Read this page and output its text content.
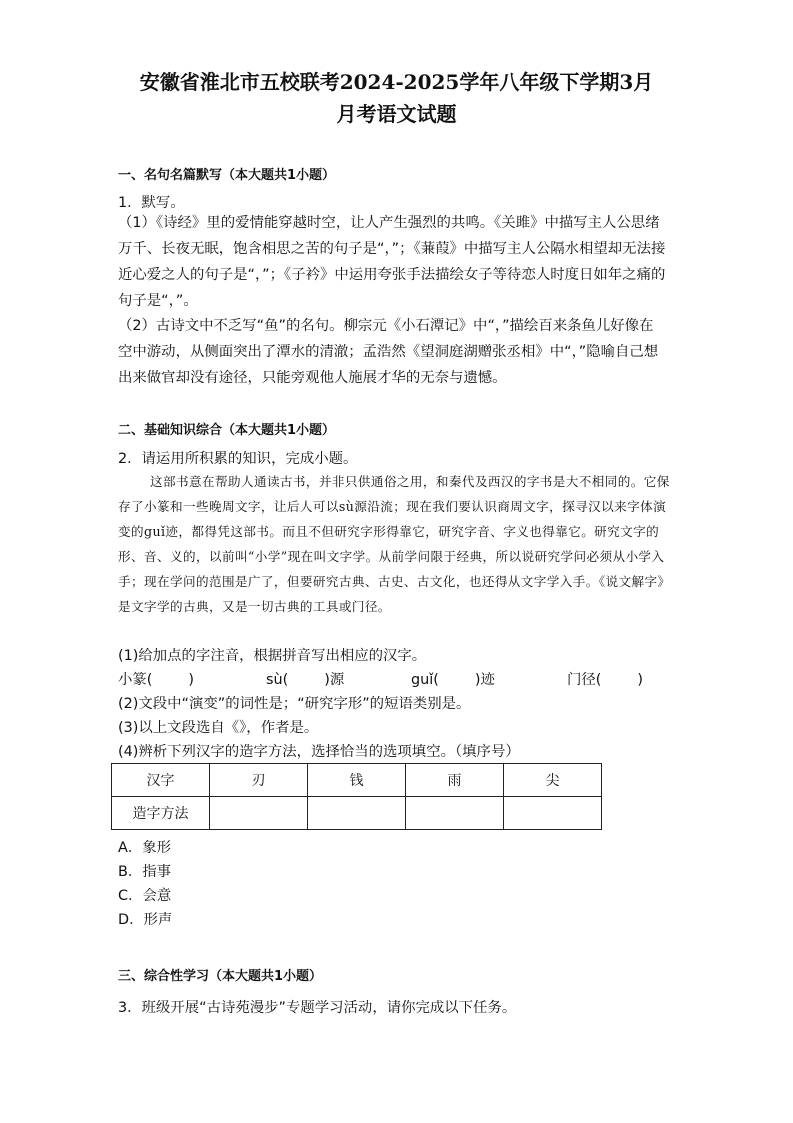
安徽省淮北市五校联考2024-2025学年八年级下学期3月
月考语文试题
一、名句名篇默写（本大题共1小题）
1．默写。
（1）《诗经》里的爱情能穿越时空，让人产生强烈的共鸣。《关雎》中描写主人公思绪万千、长夜无眠，饱含相思之苦的句子是“，”；《蒹葭》中描写主人公隔水相望却无法接近心爱之人的句子是“，”；《子衿》中运用夸张手法描绘女子等待恋人时度日如年之痛的句子是“，”。
（2）古诗文中不乏写“鱼”的名句。柳宗元《小石潭记》中“，”描绘百来条鱼儿好像在空中游动，从侧面突出了潭水的清澈；孟浩然《望洞庭湖赠张丞相》中“，”隐喻自己想出来做官却没有途径，只能旁观他人施展才华的无奈与遗憾。
二、基础知识综合（本大题共1小题）
2．请运用所积累的知识，完成小题。
这部书意在帮助人通读古书，并非只供通俗之用，和秦代及西汉的字书是大不相同的。它保存了小篆和一些晚周文字，让后人可以sù源沿流；现在我们要认识商周文字，探寻汉以来字体演变的guǐ迹，都得凭这部书。而且不但研究字形得靠它，研究字音、字义也得靠它。研究文字的形、音、义的，以前叫“小学”现在叫文字学。从前学问限于经典，所以说研究学问必须从小学入手；现在学问的范围是广了，但要研究古典、古史、古文化，也还得从文字学入手。《说文解字》是文字学的古典，又是一切古典的工具或门径。
(1)给加点的字注音，根据拼音写出相应的汉字。
小篆(	)	sù(	)源	guǐ(	)迹	门径(	)
(2)文段中“演变”的词性是；“研究字形”的短语类别是。
(3)以上文段选自《》，作者是。
(4)辨析下列汉字的造字方法，选择恰当的选项填空。（填序号）
汉字	刃	钱	雨	尖
造字方法				
A．象形
B．指事
C．会意
D．形声
三、综合性学习（本大题共1小题）
3．班级开展“古诗苑漫步”专题学习活动，请你完成以下任务。
